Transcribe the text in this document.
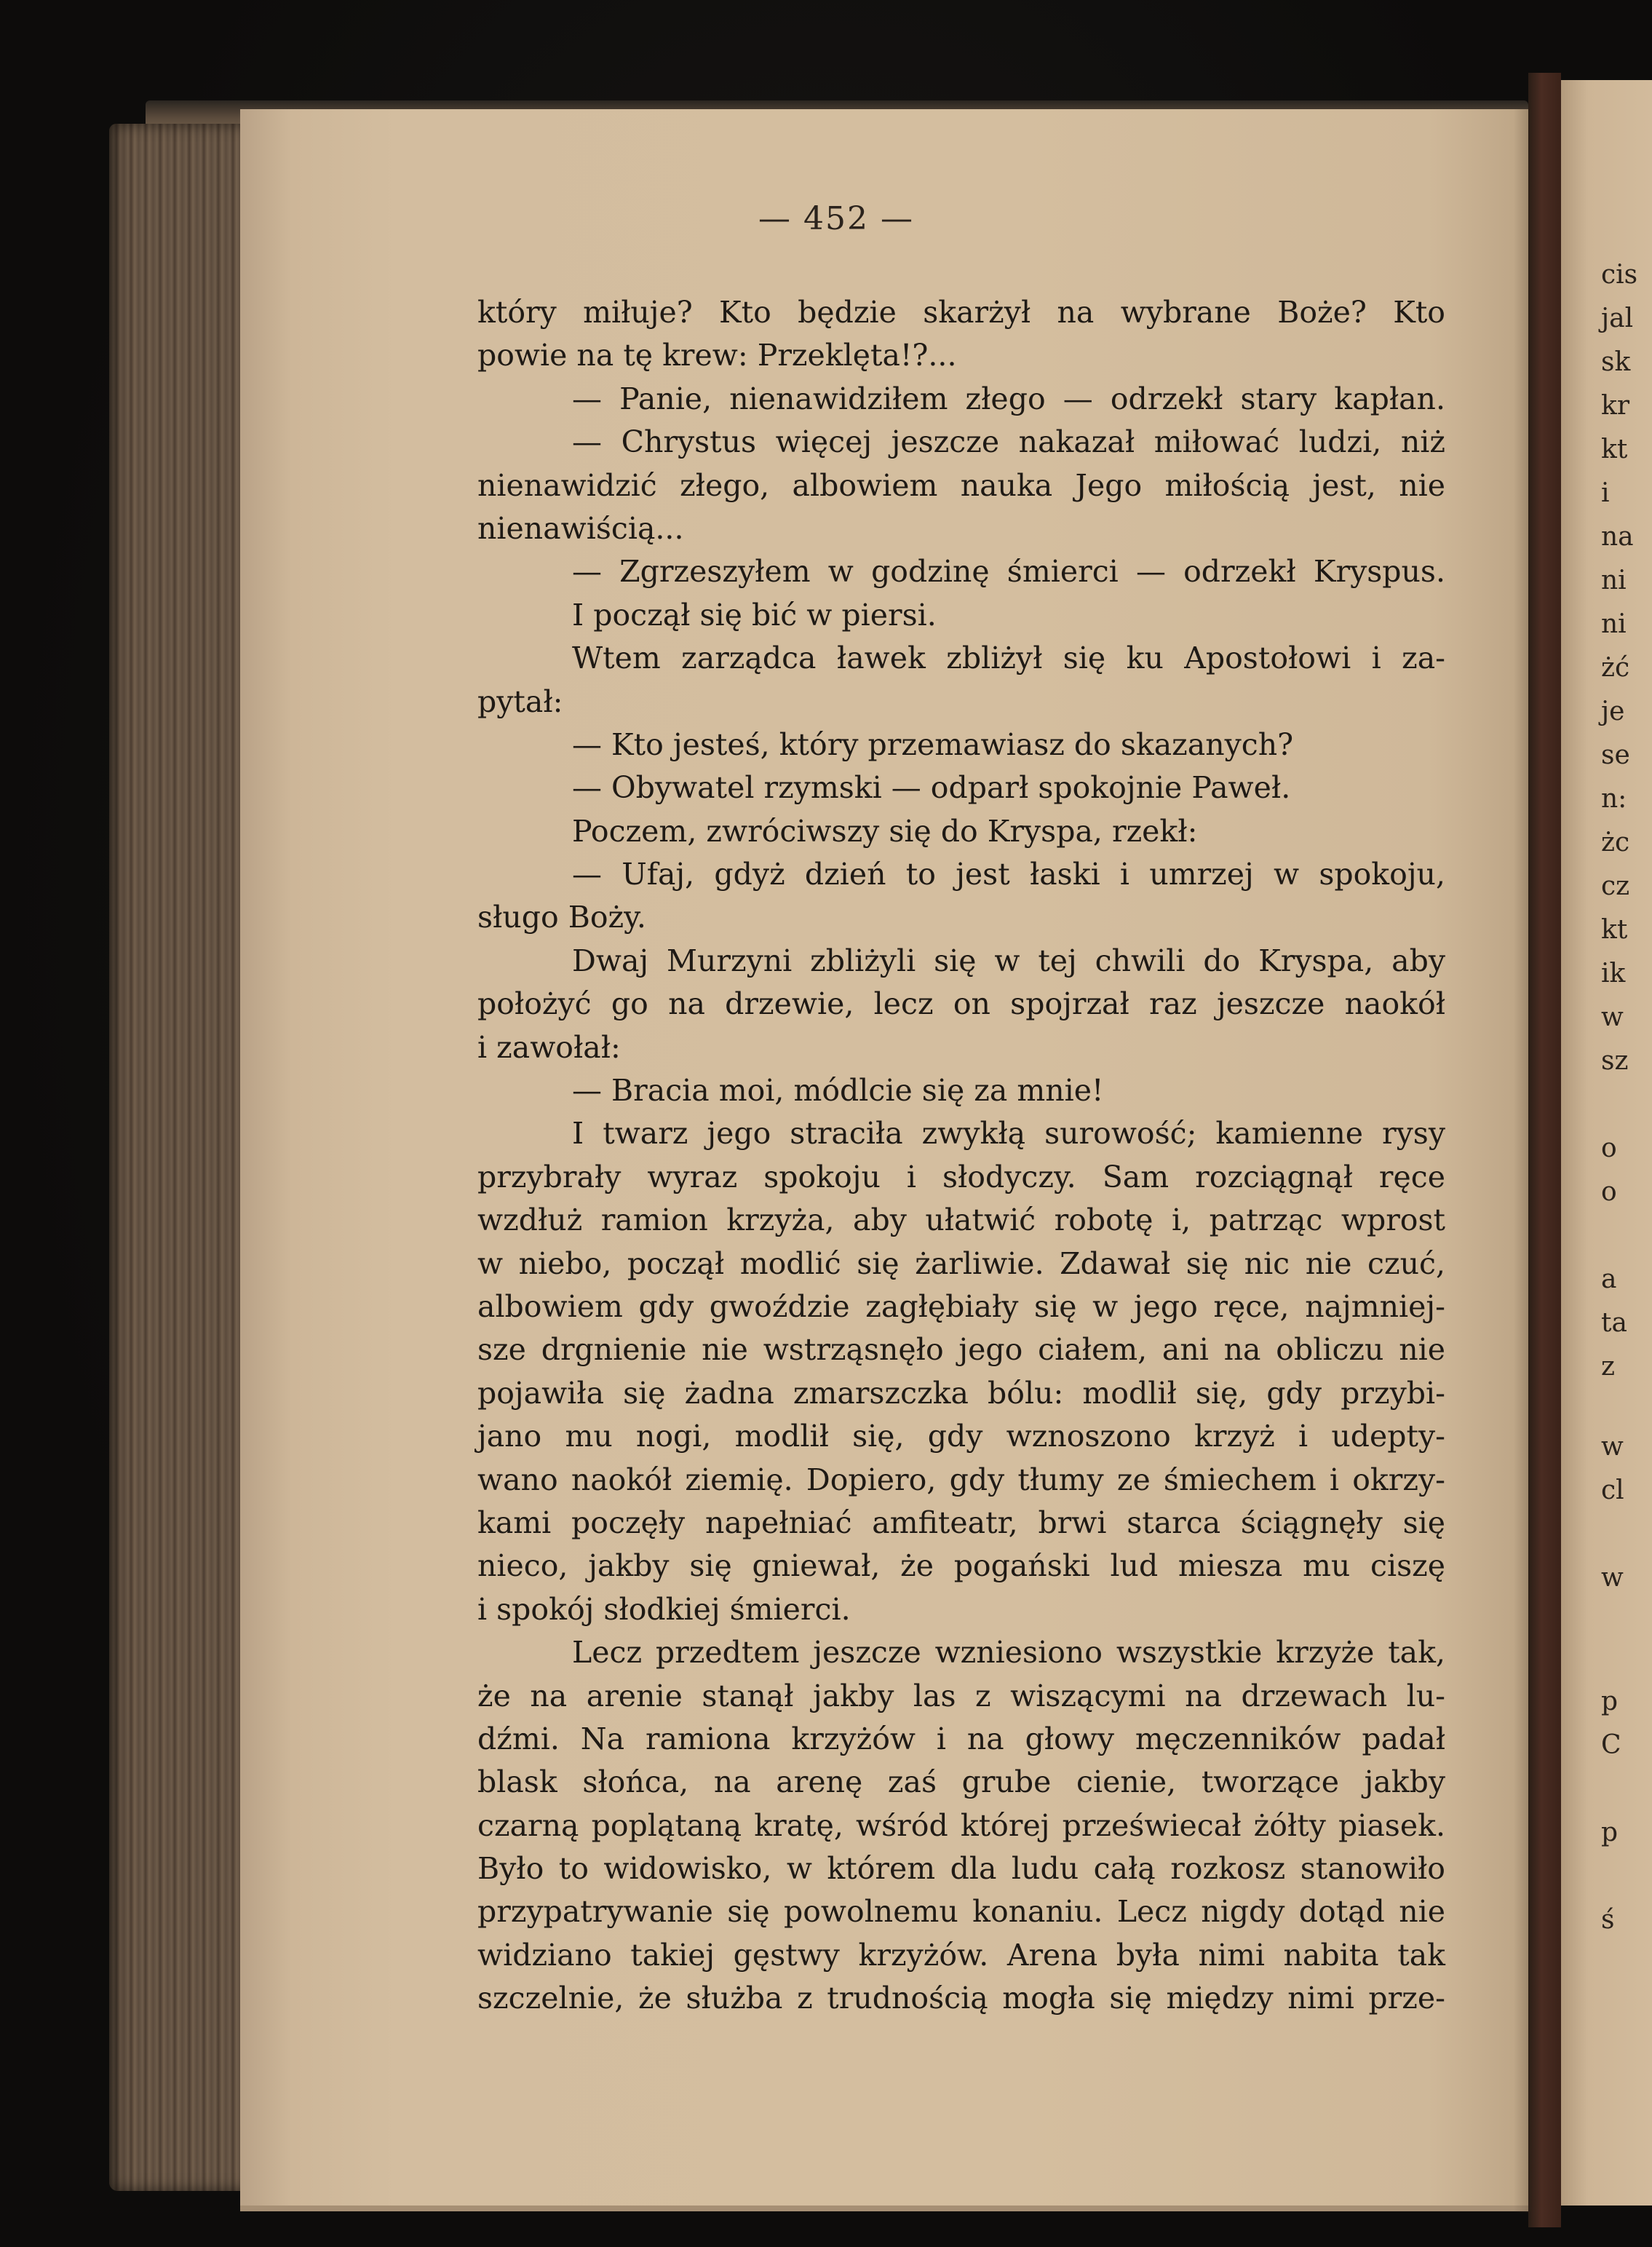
cis
jal
sk
kr
kt
i
na
ni
ni
żć
je
se
n:
żc
cz
kt
ik
w
sz
o
o
a
ta
z
w
cl
w
p
C
p
ś
— 452 —
który miłuje? Kto będzie skarżył na wybrane Boże? Kto
powie na tę krew: Przeklęta!?...
— Panie, nienawidziłem złego — odrzekł stary kapłan.
— Chrystus więcej jeszcze nakazał miłować ludzi, niż
nienawidzić złego, albowiem nauka Jego miłością jest, nie
nienawiścią...
— Zgrzeszyłem w godzinę śmierci — odrzekł Kryspus.
I począł się bić w piersi.
Wtem zarządca ławek zbliżył się ku Apostołowi i za-
pytał:
— Kto jesteś, który przemawiasz do skazanych?
— Obywatel rzymski — odparł spokojnie Paweł.
Poczem, zwróciwszy się do Kryspa, rzekł:
— Ufaj, gdyż dzień to jest łaski i umrzej w spokoju,
sługo Boży.
Dwaj Murzyni zbliżyli się w tej chwili do Kryspa, aby
położyć go na drzewie, lecz on spojrzał raz jeszcze naokół
i zawołał:
— Bracia moi, módlcie się za mnie!
I twarz jego straciła zwykłą surowość; kamienne rysy
przybrały wyraz spokoju i słodyczy. Sam rozciągnął ręce
wzdłuż ramion krzyża, aby ułatwić robotę i, patrząc wprost
w niebo, począł modlić się żarliwie. Zdawał się nic nie czuć,
albowiem gdy gwoździe zagłębiały się w jego ręce, najmniej-
sze drgnienie nie wstrząsnęło jego ciałem, ani na obliczu nie
pojawiła się żadna zmarszczka bólu: modlił się, gdy przybi-
jano mu nogi, modlił się, gdy wznoszono krzyż i udepty-
wano naokół ziemię. Dopiero, gdy tłumy ze śmiechem i okrzy-
kami poczęły napełniać amfiteatr, brwi starca ściągnęły się
nieco, jakby się gniewał, że pogański lud miesza mu ciszę
i spokój słodkiej śmierci.
Lecz przedtem jeszcze wzniesiono wszystkie krzyże tak,
że na arenie stanął jakby las z wiszącymi na drzewach lu-
dźmi. Na ramiona krzyżów i na głowy męczenników padał
blask słońca, na arenę zaś grube cienie, tworzące jakby
czarną poplątaną kratę, wśród której przeświecał żółty piasek.
Było to widowisko, w którem dla ludu całą rozkosz stanowiło
przypatrywanie się powolnemu konaniu. Lecz nigdy dotąd nie
widziano takiej gęstwy krzyżów. Arena była nimi nabita tak
szczelnie, że służba z trudnością mogła się między nimi prze-
